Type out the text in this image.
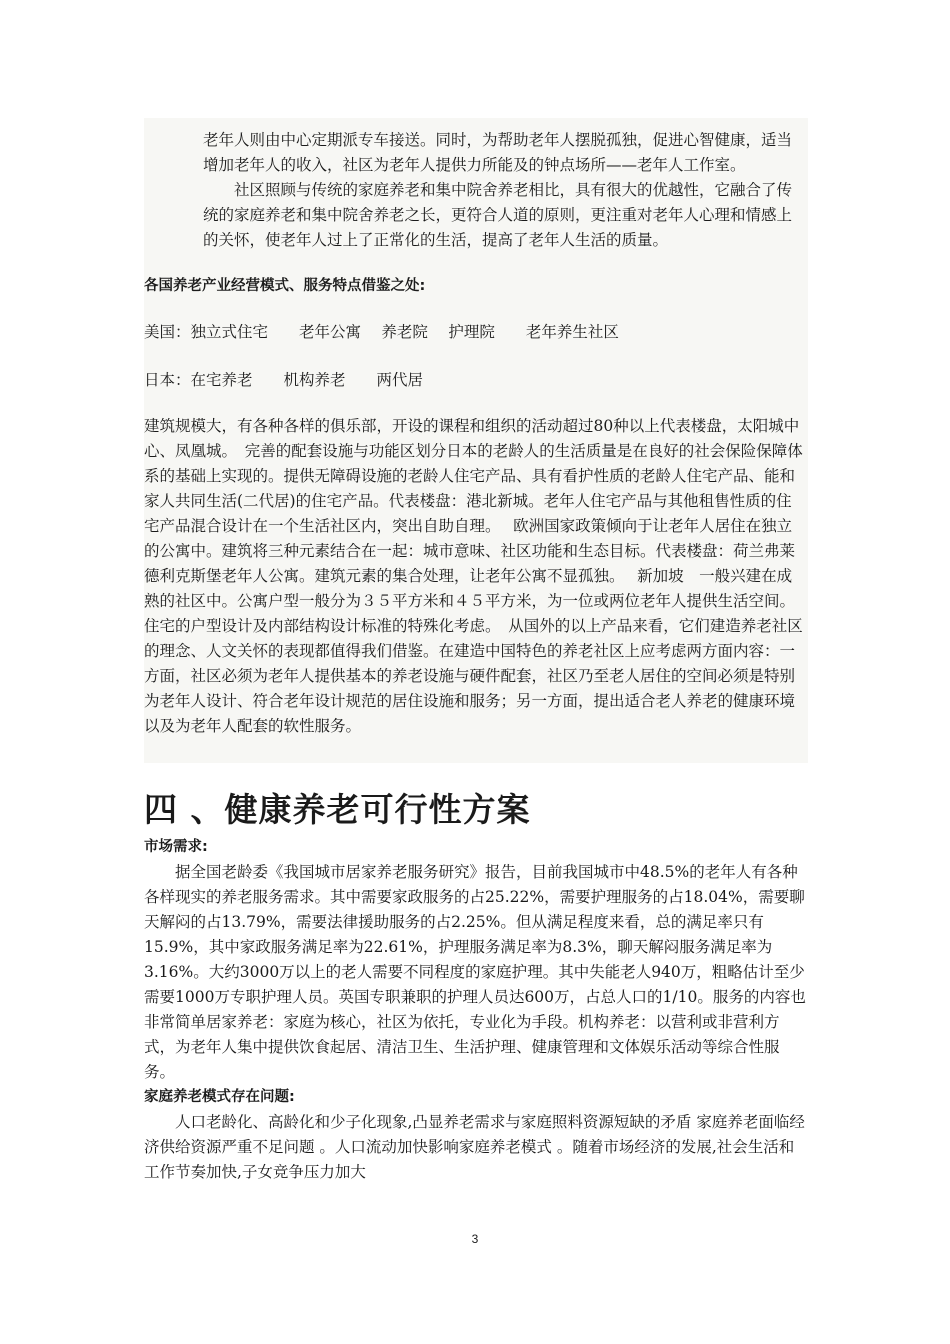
老年人则由中心定期派专车接送。同时，为帮助老年人摆脱孤独，促进心智健康，适当增加老年人的收入，社区为老年人提供力所能及的钟点场所——老年人工作室。

社区照顾与传统的家庭养老和集中院舍养老相比，具有很大的优越性，它融合了传统的家庭养老和集中院舍养老之长，更符合人道的原则，更注重对老年人心理和情感上的关怀，使老年人过上了正常化的生活，提高了老年人生活的质量。

各国养老产业经营模式、服务特点借鉴之处:

美国：独立式住宅　　老年公寓　 养老院　 护理院　　老年养生社区

日本：在宅养老　　机构养老　　两代居

建筑规模大，有各种各样的俱乐部，开设的课程和组织的活动超过80种以上代表楼盘，太阳城中心、凤凰城。　完善的配套设施与功能区划分日本的老龄人的生活质量是在良好的社会保险保障体系的基础上实现的。提供无障碍设施的老龄人住宅产品、具有看护性质的老龄人住宅产品、能和家人共同生活(二代居)的住宅产品。代表楼盘：港北新城。老年人住宅产品与其他租售性质的住宅产品混合设计在一个生活社区内，突出自助自理。　 欧洲国家政策倾向于让老年人居住在独立的公寓中。建筑将三种元素结合在一起：城市意味、社区功能和生态目标。代表楼盘：荷兰弗莱德利克斯堡老年人公寓。建筑元素的集合处理，让老年公寓不显孤独。　 新加坡　一般兴建在成熟的社区中。公寓户型一般分为３５平方米和４５平方米，为一位或两位老年人提供生活空间。住宅的户型设计及内部结构设计标准的特殊化考虑。　从国外的以上产品来看，它们建造养老社区的理念、人文关怀的表现都值得我们借鉴。在建造中国特色的养老社区上应考虑两方面内容：一方面，社区必须为老年人提供基本的养老设施与硬件配套，社区乃至老人居住的空间必须是特别为老年人设计、符合老年设计规范的居住设施和服务；另一方面，提出适合老人养老的健康环境以及为老年人配套的软性服务。

四 、健康养老可行性方案

市场需求:

据全国老龄委《我国城市居家养老服务研究》报告，目前我国城市中48.5%的老年人有各种各样现实的养老服务需求。其中需要家政服务的占25.22%，需要护理服务的占18.04%，需要聊天解闷的占13.79%，需要法律援助服务的占2.25%。但从满足程度来看，总的满足率只有15.9%，其中家政服务满足率为22.61%，护理服务满足率为8.3%，聊天解闷服务满足率为3.16%。大约3000万以上的老人需要不同程度的家庭护理。其中失能老人940万，粗略估计至少需要1000万专职护理人员。英国专职兼职的护理人员达600万，占总人口的1/10。服务的内容也非常简单居家养老：家庭为核心，社区为依托，专业化为手段。机构养老：以营利或非营利方式，为老年人集中提供饮食起居、清洁卫生、生活护理、健康管理和文体娱乐活动等综合性服务。

家庭养老模式存在问题:

人口老龄化、高龄化和少子化现象,凸显养老需求与家庭照料资源短缺的矛盾 家庭养老面临经济供给资源严重不足问题 。人口流动加快影响家庭养老模式 。随着市场经济的发展,社会生活和工作节奏加快,子女竞争压力加大

3
